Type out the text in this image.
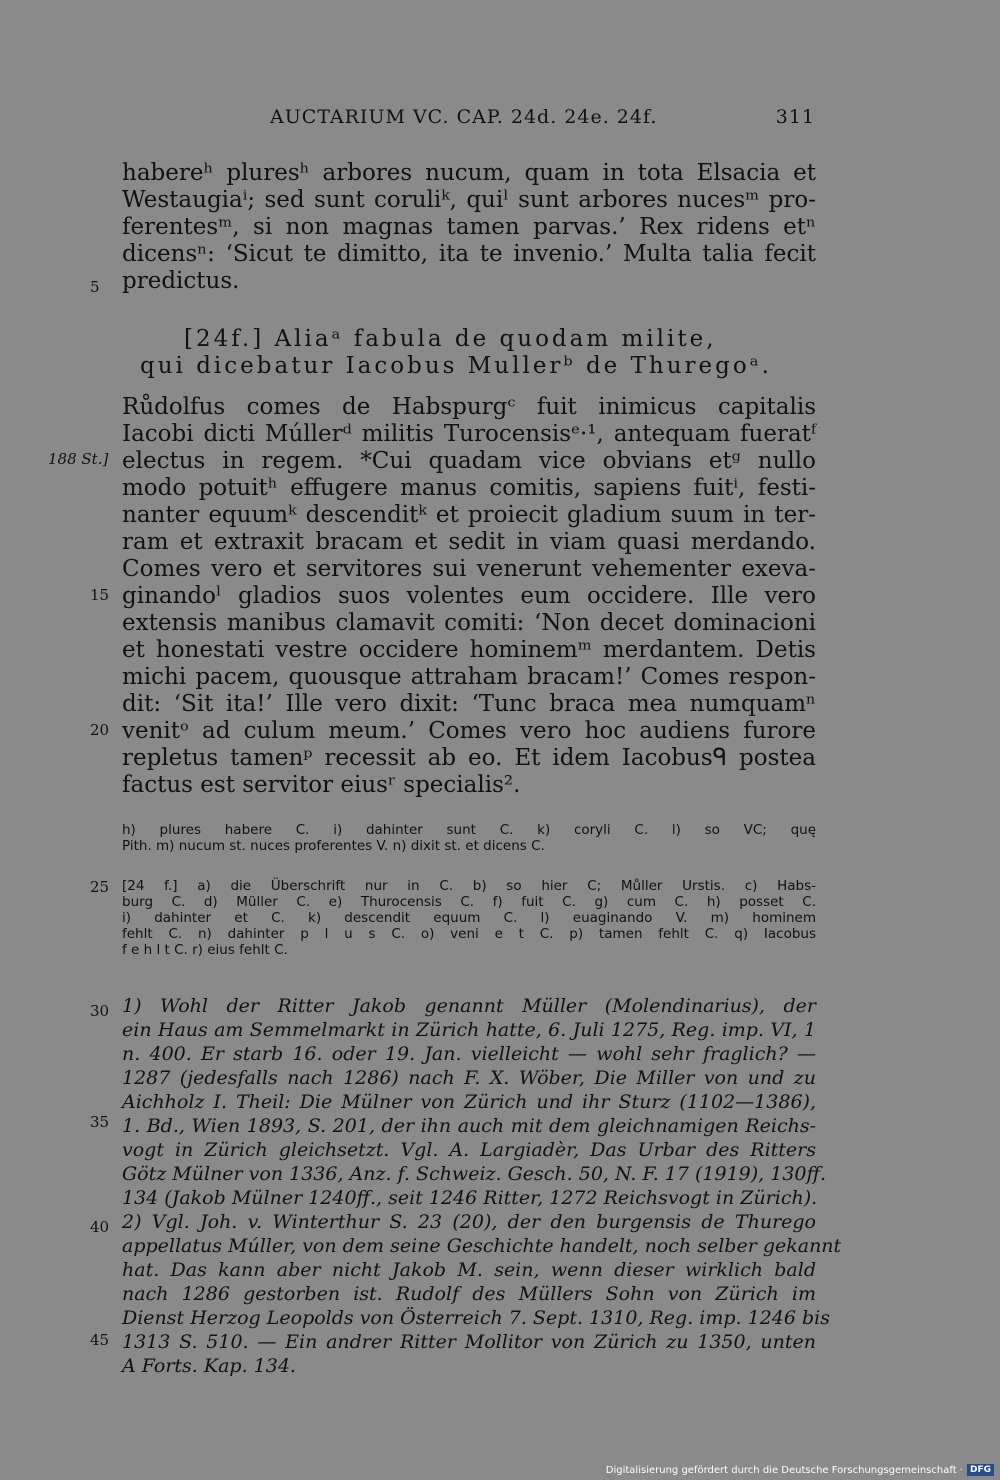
AUCTARIUM VC. CAP. 24d. 24e. 24f.	311
habereʰ pluresʰ arbores nucum, quam in tota Elsacia et
Westaugiaⁱ; sed sunt coruliᵏ, quiˡ sunt arbores nucesᵐ pro-
ferentesᵐ, si non magnas tamen parvas.’ Rex ridens etⁿ
dicensⁿ: ‘Sicut te dimitto, ita te invenio.’ Multa talia fecit
predictus.
5
[24f.] Aliaᵃ fabula de quodam milite,
qui dicebatur Iacobus Mullerᵇ de Thuregoᵃ.
Růdolfus comes de Habspurgᶜ fuit inimicus capitalis
Iacobi dicti Múllerᵈ militis Turocensisᵉ·¹, antequam fueratᶠ
electus in regem. *Cui quadam vice obvians etᵍ nullo
modo potuitʰ effugere manus comitis, sapiens fuitⁱ, festi-
nanter equumᵏ descenditᵏ et proiecit gladium suum in ter-
ram et extraxit bracam et sedit in viam quasi merdando.
Comes vero et servitores sui venerunt vehementer exeva-
ginandoˡ gladios suos volentes eum occidere. Ille vero
extensis manibus clamavit comiti: ‘Non decet dominacioni
et honestati vestre occidere hominemᵐ merdantem. Detis
michi pacem, quousque attraham bracam!’ Comes respon-
dit: ‘Sit ita!’ Ille vero dixit: ‘Tunc braca mea numquamⁿ
venitᵒ ad culum meum.’ Comes vero hoc audiens furore
repletus tamenᵖ recessit ab eo. Et idem Iacobusᑫ postea
factus est servitor eiusʳ specialis².
188 St.]
15
20
h) plures habere C. i) dahinter sunt C. k) coryli C. l) so VC; quę
Pith. m) nucum st. nuces proferentes V. n) dixit st. et dicens C.
[24 f.] a) die Überschrift nur in C. b) so hier C; Můller Urstis. c) Habs-
burg C. d) Müller C. e) Thurocensis C. f) fuit C. g) cum C. h) posset C.
i) dahinter et C. k) descendit equum C. l) euaginando V. m) hominem
fehlt C. n) dahinter p l u s C. o) veni e t C. p) tamen fehlt C. q) Iacobus
f e h l t C. r) eius fehlt C.
25
1) Wohl der Ritter Jakob genannt Müller (Molendinarius), der
ein Haus am Semmelmarkt in Zürich hatte, 6. Juli 1275, Reg. imp. VI, 1
n. 400. Er starb 16. oder 19. Jan. vielleicht — wohl sehr fraglich? —
1287 (jedesfalls nach 1286) nach F. X. Wöber, Die Miller von und zu
Aichholz I. Theil: Die Mülner von Zürich und ihr Sturz (1102—1386),
1. Bd., Wien 1893, S. 201, der ihn auch mit dem gleichnamigen Reichs-
vogt in Zürich gleichsetzt. Vgl. A. Largiadèr, Das Urbar des Ritters
Götz Mülner von 1336, Anz. f. Schweiz. Gesch. 50, N. F. 17 (1919), 130ff.
134 (Jakob Mülner 1240ff., seit 1246 Ritter, 1272 Reichsvogt in Zürich).
2) Vgl. Joh. v. Winterthur S. 23 (20), der den burgensis de Thurego
appellatus Múller, von dem seine Geschichte handelt, noch selber gekannt
hat. Das kann aber nicht Jakob M. sein, wenn dieser wirklich bald
nach 1286 gestorben ist. Rudolf des Müllers Sohn von Zürich im
Dienst Herzog Leopolds von Österreich 7. Sept. 1310, Reg. imp. 1246 bis
1313 S. 510. — Ein andrer Ritter Mollitor von Zürich zu 1350, unten
A Forts. Kap. 134.
30
35
40
45
Digitalisierung gefördert durch die Deutsche Forschungsgemeinschaft · DFG
